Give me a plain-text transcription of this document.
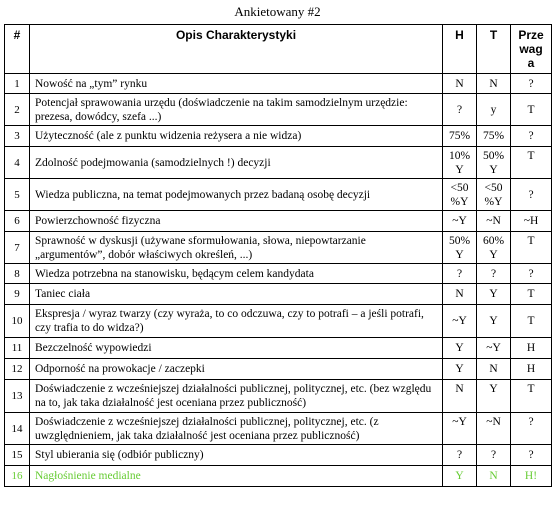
Ankietowany #2
#	Opis Charakterystyki	H	T	Prze
wag
a
1	Nowość na „tym” rynku	N	N	?
2	Potencjał sprawowania urzędu (doświadczenie na takim samodzielnym urzędzie: prezesa, dowódcy, szefa ...)	?	y	T
3	Użyteczność (ale z punktu widzenia reżysera a nie widza)	75%	75%	?
4	Zdolność podejmowania (samodzielnych !) decyzji	10% Y	50% Y	T
5	Wiedza publiczna, na temat podejmowanych przez badaną osobę decyzji	<50 %Y	<50 %Y	?
6	Powierzchowność fizyczna	~Y	~N	~H
7	Sprawność w dyskusji (używane sformułowania, słowa, niepowtarzanie „argumentów”, dobór właściwych określeń, ...)	50% Y	60% Y	T
8	Wiedza potrzebna na stanowisku, będącym celem kandydata	?	?	?
9	Taniec ciała	N	Y	T
10	Ekspresja / wyraz twarzy (czy wyraża, to co odczuwa, czy to potrafi – a jeśli potrafi, czy trafia to do widza?)	~Y	Y	T
11	Bezczelność wypowiedzi	Y	~Y	H
12	Odporność na prowokacje / zaczepki	Y	N	H
13	Doświadczenie z wcześniejszej działalności publicznej, politycznej, etc. (bez względu na to, jak taka działalność jest oceniana przez publiczność)	N	Y	T
14	Doświadczenie z wcześniejszej działalności publicznej, politycznej, etc. (z uwzględnieniem, jak taka działalność jest oceniana przez publiczność)	~Y	~N	?
15	Styl ubierania się (odbiór publiczny)	?	?	?
16	Nagłośnienie medialne	Y	N	H!
